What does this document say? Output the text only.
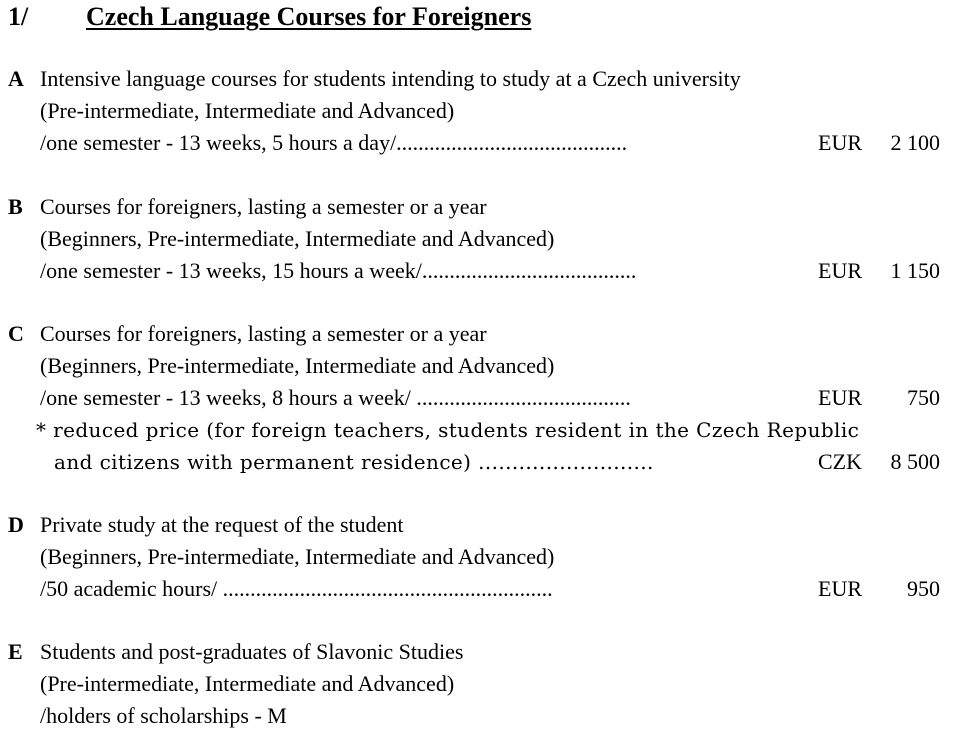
1/ Czech Language Courses for Foreigners
A Intensive language courses for students intending to study at a Czech university
(Pre-intermediate, Intermediate and Advanced)
/one semester - 13 weeks, 5 hours a day/..........................................	EUR 2 100
B Courses for foreigners, lasting a semester or a year
(Beginners, Pre-intermediate, Intermediate and Advanced)
/one semester - 13 weeks, 15 hours a week/.......................................	EUR 1 150
C Courses for foreigners, lasting a semester or a year
(Beginners, Pre-intermediate, Intermediate and Advanced)
/one semester - 13 weeks, 8 hours a week/ .......................................	EUR 750
* reduced price (for foreign teachers, students resident in the Czech Republic
and citizens with permanent residence) ..........................	CZK 8 500
D Private study at the request of the student
(Beginners, Pre-intermediate, Intermediate and Advanced)
/50 academic hours/ ............................................................	EUR 950
E Students and post-graduates of Slavonic Studies
(Pre-intermediate, Intermediate and Advanced)
/holders of scholarships - M
